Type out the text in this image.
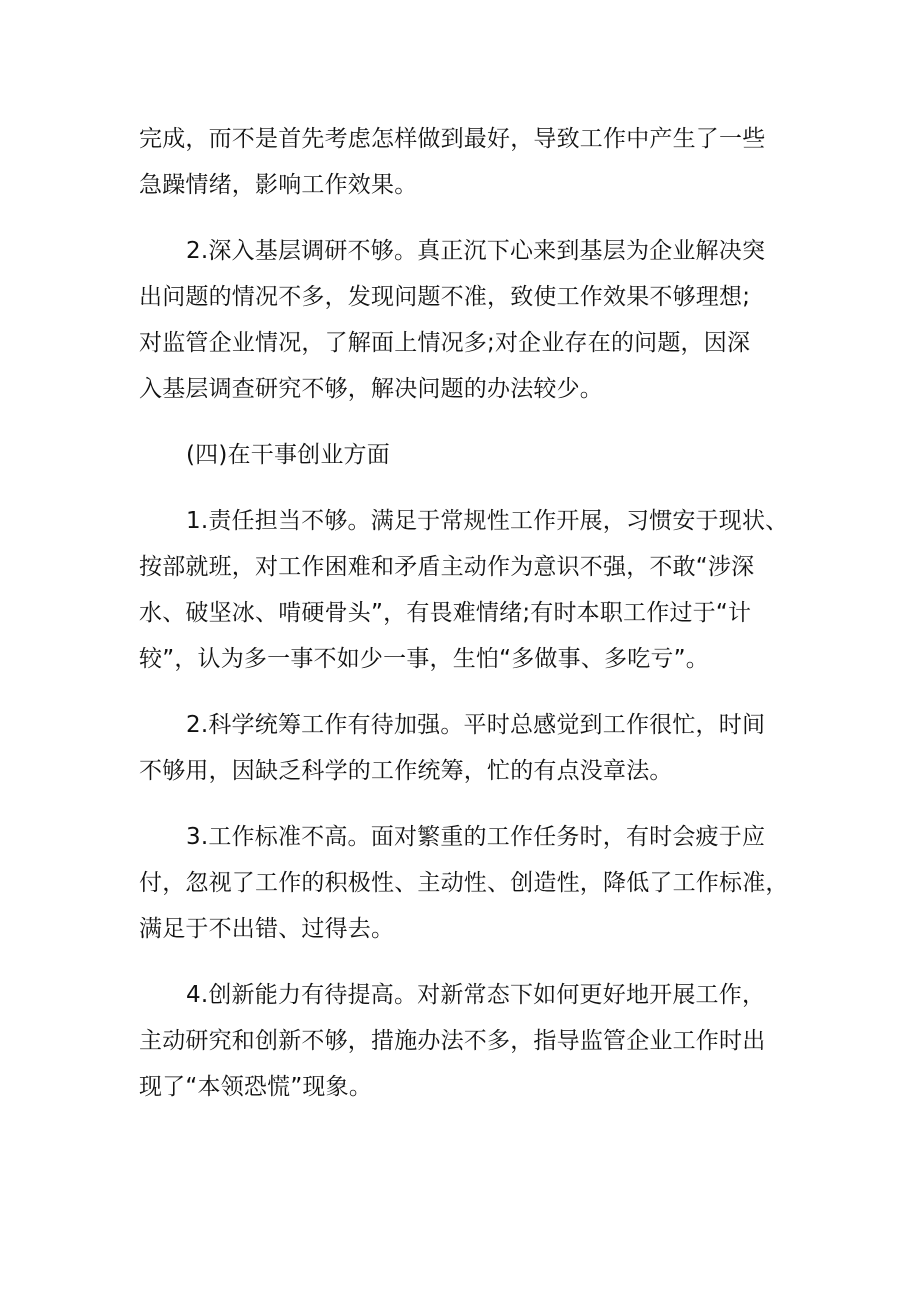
完成，而不是首先考虑怎样做到最好，导致工作中产生了一些
急躁情绪，影响工作效果。

2.深入基层调研不够。真正沉下心来到基层为企业解决突
出问题的情况不多，发现问题不准，致使工作效果不够理想;
对监管企业情况，了解面上情况多;对企业存在的问题，因深
入基层调查研究不够，解决问题的办法较少。

(四)在干事创业方面

1.责任担当不够。满足于常规性工作开展，习惯安于现状、
按部就班，对工作困难和矛盾主动作为意识不强，不敢“涉深
水、破坚冰、啃硬骨头”，有畏难情绪;有时本职工作过于“计
较”，认为多一事不如少一事，生怕“多做事、多吃亏”。

2.科学统筹工作有待加强。平时总感觉到工作很忙，时间
不够用，因缺乏科学的工作统筹，忙的有点没章法。

3.工作标准不高。面对繁重的工作任务时，有时会疲于应
付，忽视了工作的积极性、主动性、创造性，降低了工作标准，
满足于不出错、过得去。

4.创新能力有待提高。对新常态下如何更好地开展工作，
主动研究和创新不够，措施办法不多，指导监管企业工作时出
现了“本领恐慌”现象。
